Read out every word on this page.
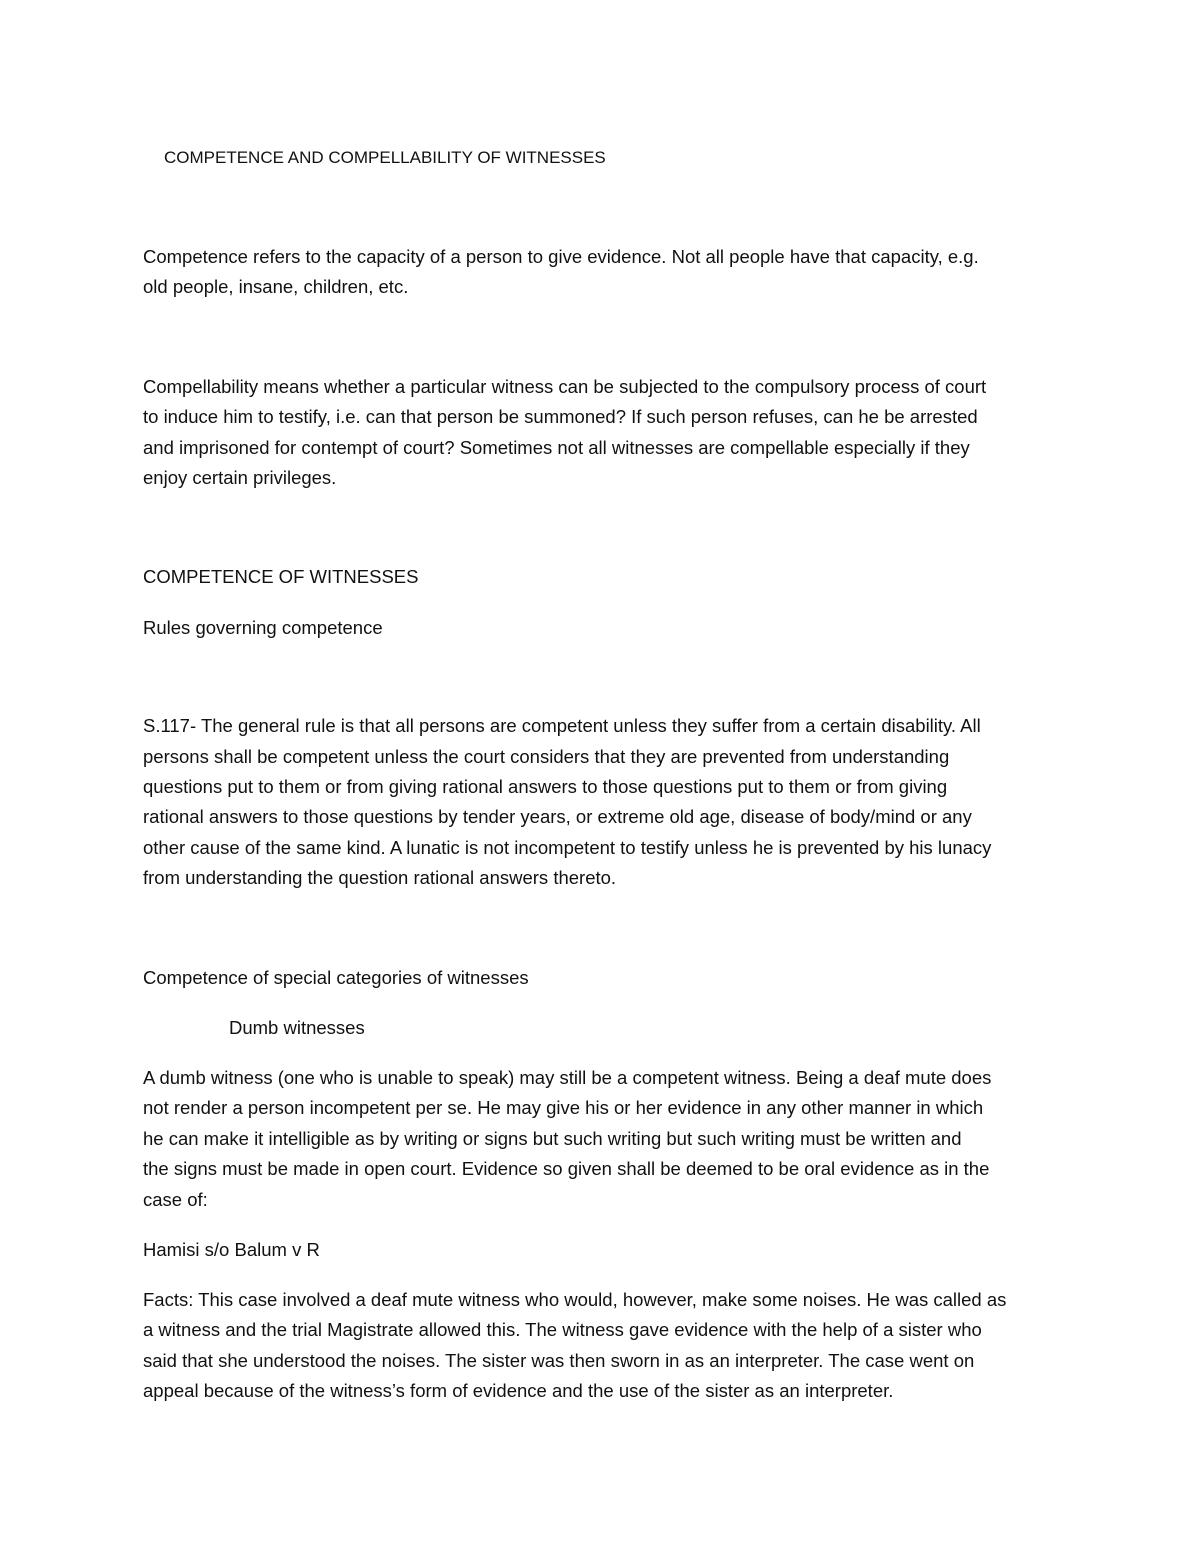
COMPETENCE AND COMPELLABILITY OF WITNESSES
Competence refers to the capacity of a person to give evidence. Not all people have that capacity, e.g.
old people, insane, children, etc.
Compellability means whether a particular witness can be subjected to the compulsory process of court
to induce him to testify, i.e. can that person be summoned? If such person refuses, can he be arrested
and imprisoned for contempt of court? Sometimes not all witnesses are compellable especially if they
enjoy certain privileges.
COMPETENCE OF WITNESSES
Rules governing competence
S.117- The general rule is that all persons are competent unless they suffer from a certain disability. All
persons shall be competent unless the court considers that they are prevented from understanding
questions put to them or from giving rational answers to those questions put to them or from giving
rational answers to those questions by tender years, or extreme old age, disease of body/mind or any
other cause of the same kind. A lunatic is not incompetent to testify unless he is prevented by his lunacy
from understanding the question rational answers thereto.
Competence of special categories of witnesses
Dumb witnesses
A dumb witness (one who is unable to speak) may still be a competent witness. Being a deaf mute does
not render a person incompetent per se. He may give his or her evidence in any other manner in which
he can make it intelligible as by writing or signs but such writing but such writing must be written and
the signs must be made in open court. Evidence so given shall be deemed to be oral evidence as in the
case of:
Hamisi s/o Balum v R
Facts: This case involved a deaf mute witness who would, however, make some noises. He was called as
a witness and the trial Magistrate allowed this. The witness gave evidence with the help of a sister who
said that she understood the noises. The sister was then sworn in as an interpreter. The case went on
appeal because of the witness’s form of evidence and the use of the sister as an interpreter.
